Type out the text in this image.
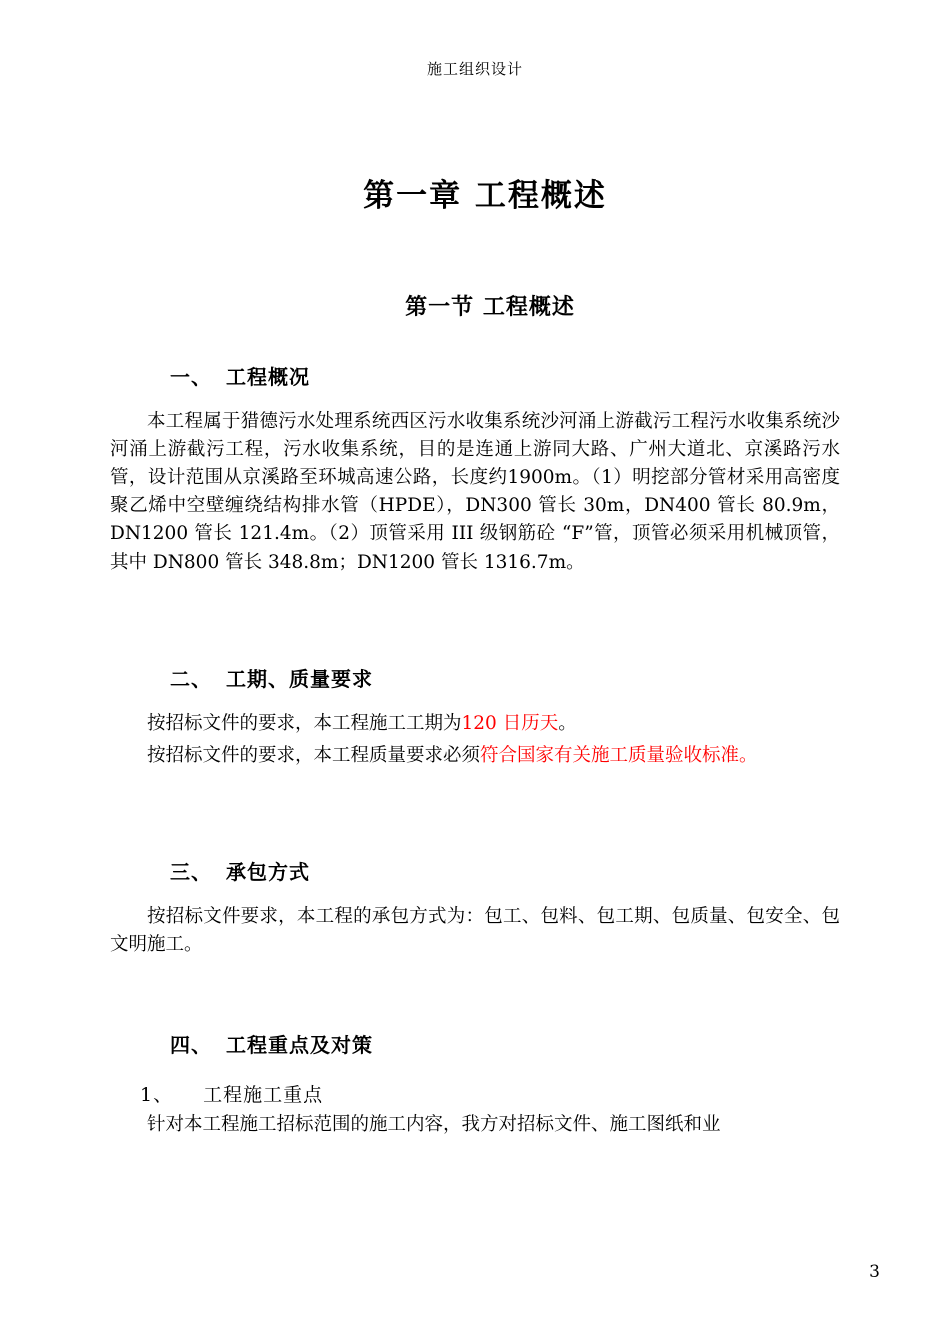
施工组织设计
第一章 工程概述
第一节 工程概述
一、 工程概况

本工程属于猎德污水处理系统西区污水收集系统沙河涌上游截污工程污水收集系统沙河涌上游截污工程，污水收集系统，目的是连通上游同大路、广州大道北、京溪路污水管，设计范围从京溪路至环城高速公路，长度约1900m。（1）明挖部分管材采用高密度聚乙烯中空壁缠绕结构排水管（HPDE），DN300 管长 30m，DN400 管长 80.9m，DN1200 管长 121.4m。（2）顶管采用 III 级钢筋砼 “F”管，顶管必须采用机械顶管，其中 DN800 管长 348.8m；DN1200 管长 1316.7m。

二、 工期、质量要求

按招标文件的要求，本工程施工工期为120 日历天。

按招标文件的要求，本工程质量要求必须符合国家有关施工质量验收标准。

三、 承包方式

按招标文件要求，本工程的承包方式为：包工、包料、包工期、包质量、包安全、包文明施工。

四、 工程重点及对策

1、 工程施工重点

针对本工程施工招标范围的施工内容，我方对招标文件、施工图纸和业

3
